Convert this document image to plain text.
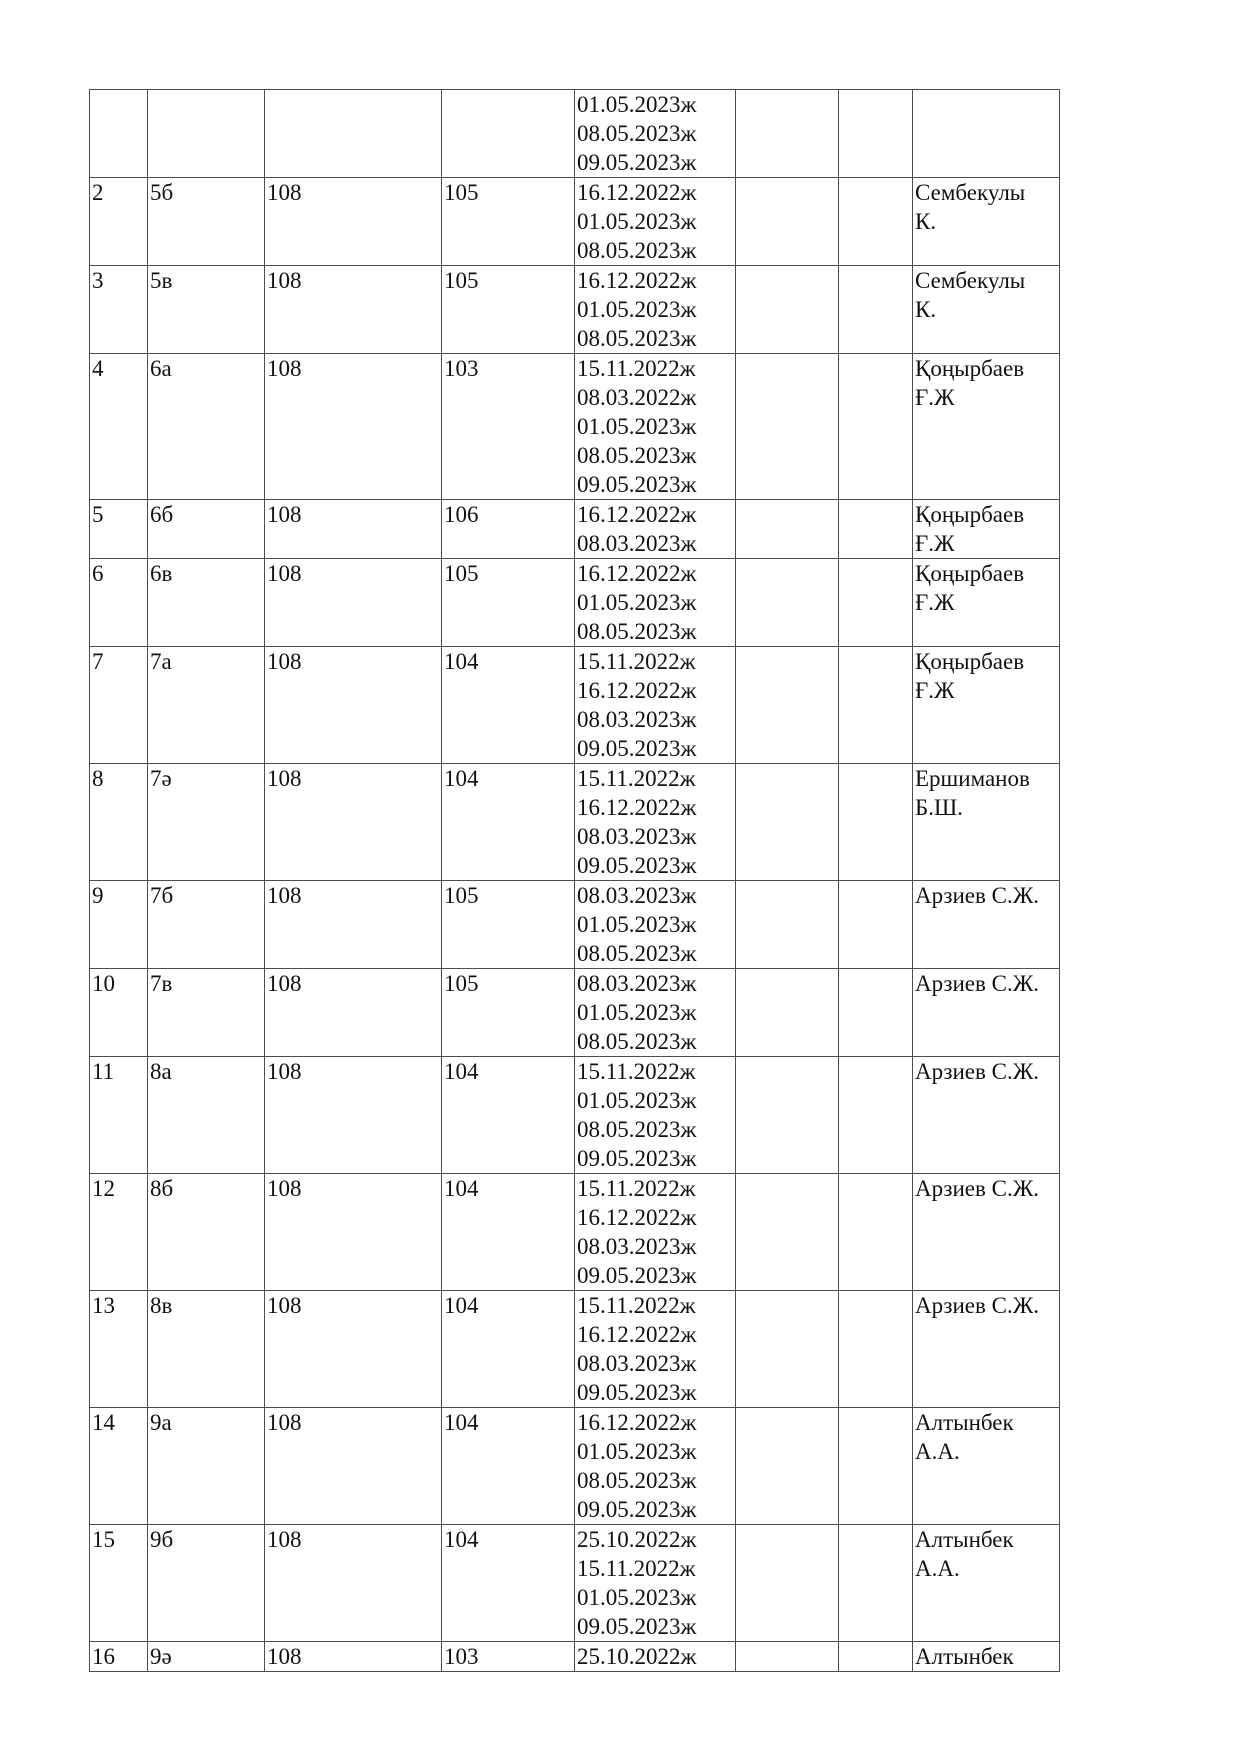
				01.05.2023ж
08.05.2023ж
09.05.2023ж			

2	5б	108	105	16.12.2022ж
01.05.2023ж
08.05.2023ж			Сембекулы
К.

3	5в	108	105	16.12.2022ж
01.05.2023ж
08.05.2023ж			Сембекулы
К.

4	6а	108	103	15.11.2022ж
08.03.2022ж
01.05.2023ж
08.05.2023ж
09.05.2023ж			Қоңырбаев
Ғ.Ж

5	6б	108	106	16.12.2022ж
08.03.2023ж			Қоңырбаев
Ғ.Ж

6	6в	108	105	16.12.2022ж
01.05.2023ж
08.05.2023ж			Қоңырбаев
Ғ.Ж

7	7а	108	104	15.11.2022ж
16.12.2022ж
08.03.2023ж
09.05.2023ж			Қоңырбаев
Ғ.Ж

8	7ә	108	104	15.11.2022ж
16.12.2022ж
08.03.2023ж
09.05.2023ж			Ершиманов
Б.Ш.

9	7б	108	105	08.03.2023ж
01.05.2023ж
08.05.2023ж			Арзиев С.Ж.

10	7в	108	105	08.03.2023ж
01.05.2023ж
08.05.2023ж			Арзиев С.Ж.

11	8а	108	104	15.11.2022ж
01.05.2023ж
08.05.2023ж
09.05.2023ж			Арзиев С.Ж.

12	8б	108	104	15.11.2022ж
16.12.2022ж
08.03.2023ж
09.05.2023ж			Арзиев С.Ж.

13	8в	108	104	15.11.2022ж
16.12.2022ж
08.03.2023ж
09.05.2023ж			Арзиев С.Ж.

14	9а	108	104	16.12.2022ж
01.05.2023ж
08.05.2023ж
09.05.2023ж			Алтынбек
А.А.

15	9б	108	104	25.10.2022ж
15.11.2022ж
01.05.2023ж
09.05.2023ж			Алтынбек
А.А.

16	9ә	108	103	25.10.2022ж			Алтынбек
